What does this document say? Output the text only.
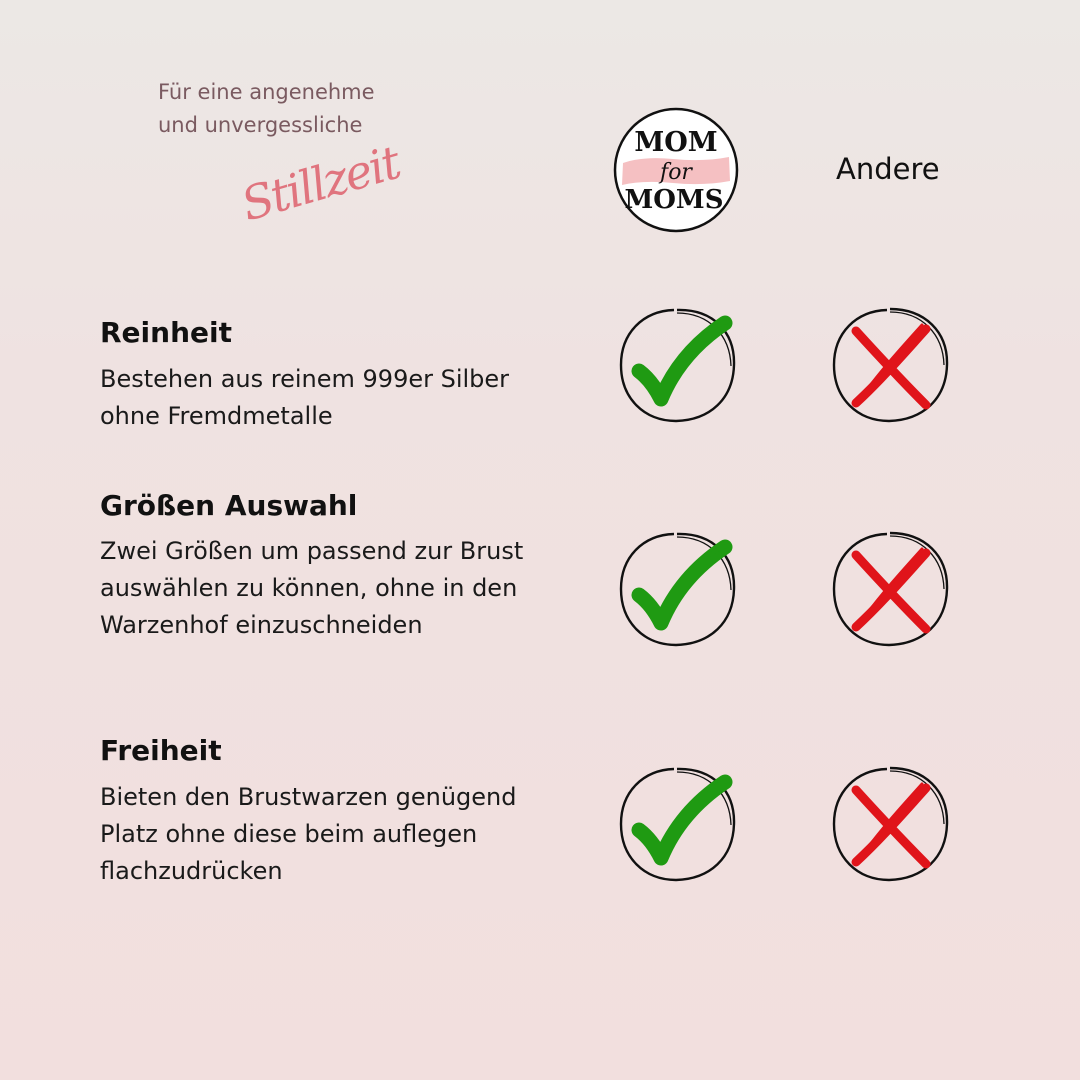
Für eine angenehme
und unvergessliche
Stillzeit	MOM
for
MOMS
Andere
Reinheit
Bestehen aus reinem 999er Silber ohne Fremdmetalle
Größen Auswahl
Zwei Größen um passend zur Brust auswählen zu können, ohne in den Warzenhof einzuschneiden
Freiheit
Bieten den Brustwarzen genügend Platz ohne diese beim auflegen flachzudrücken
